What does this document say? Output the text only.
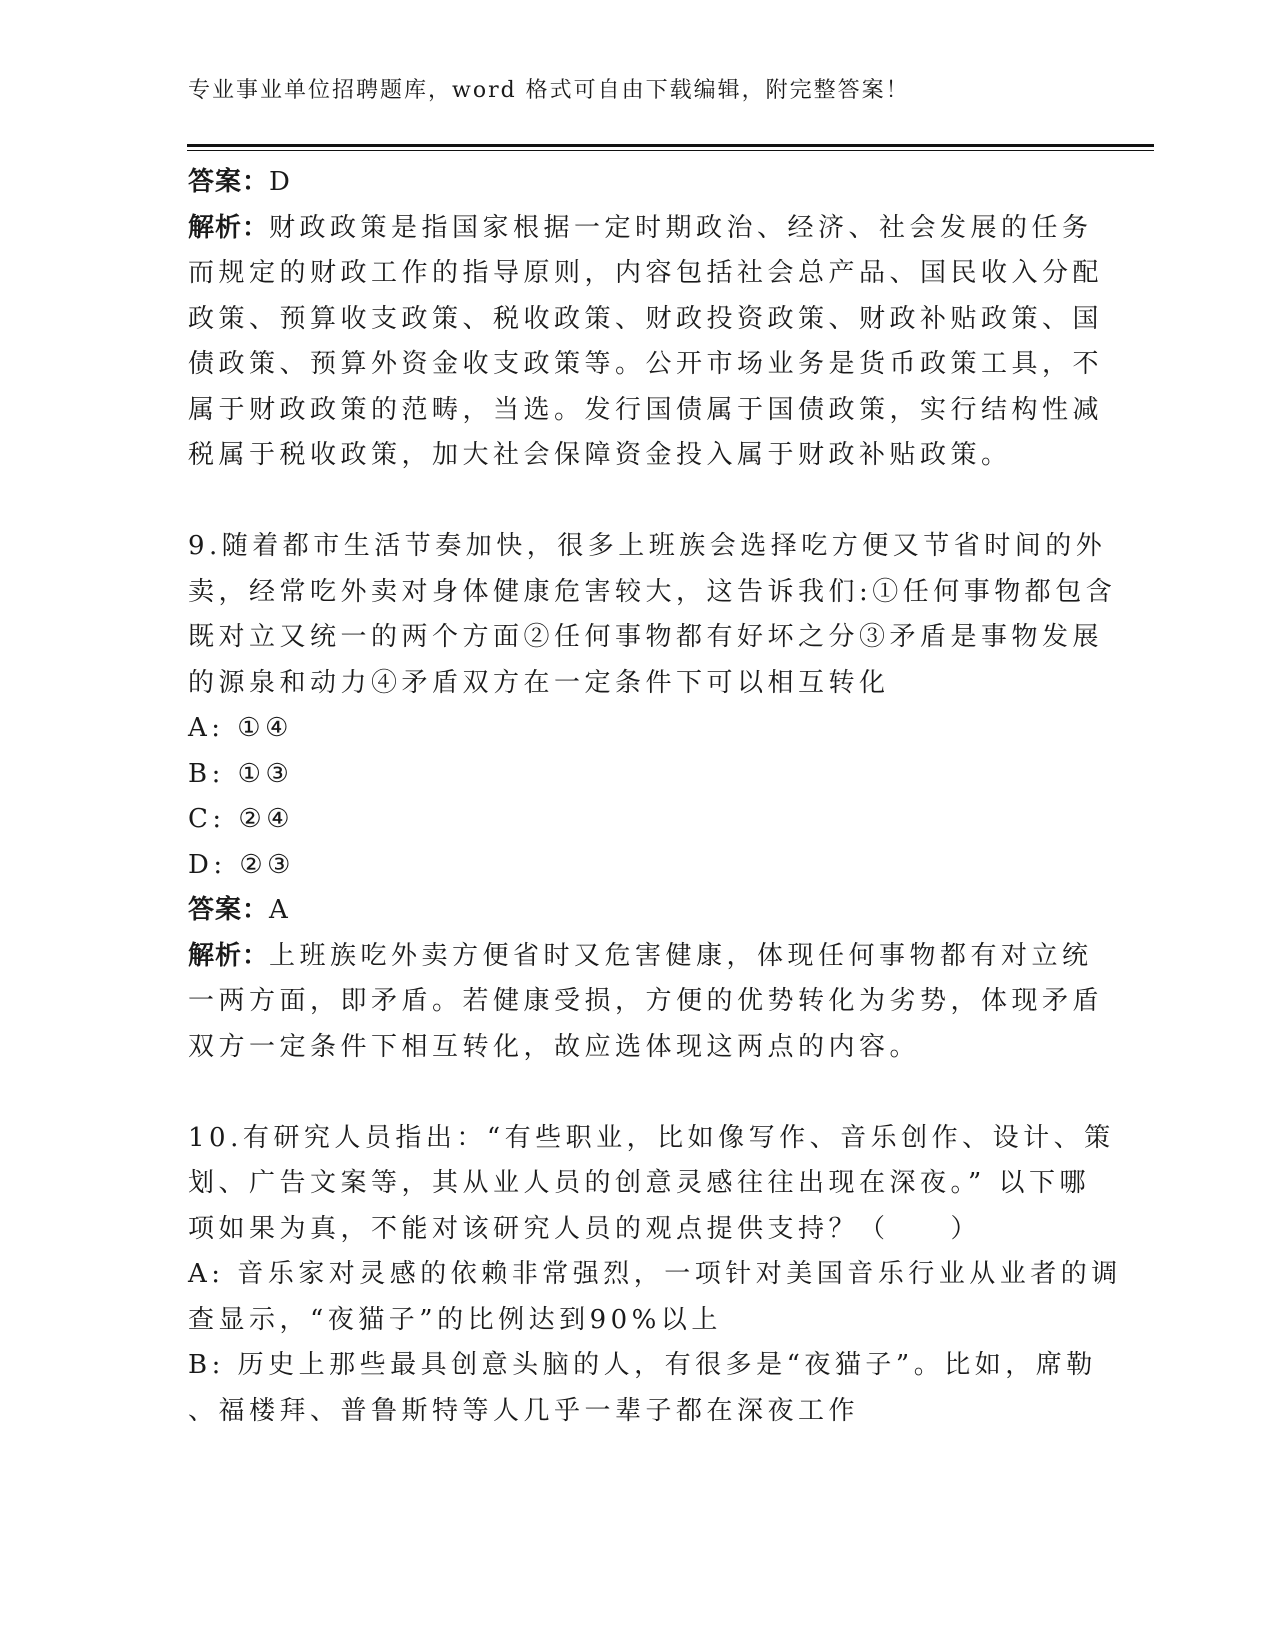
专业事业单位招聘题库，word 格式可自由下载编辑，附完整答案！
答案：D
解析：财政政策是指国家根据一定时期政治、经济、社会发展的任务
而规定的财政工作的指导原则，内容包括社会总产品、国民收入分配
政策、预算收支政策、税收政策、财政投资政策、财政补贴政策、国
债政策、预算外资金收支政策等。公开市场业务是货币政策工具，不
属于财政政策的范畴，当选。发行国债属于国债政策，实行结构性减
税属于税收政策，加大社会保障资金投入属于财政补贴政策。
9.随着都市生活节奏加快，很多上班族会选择吃方便又节省时间的外
卖，经常吃外卖对身体健康危害较大，这告诉我们:①任何事物都包含
既对立又统一的两个方面②任何事物都有好坏之分③矛盾是事物发展
的源泉和动力④矛盾双方在一定条件下可以相互转化
A: ①④
B: ①③
C: ②④
D: ②③
答案：A
解析：上班族吃外卖方便省时又危害健康，体现任何事物都有对立统
一两方面，即矛盾。若健康受损，方便的优势转化为劣势，体现矛盾
双方一定条件下相互转化，故应选体现这两点的内容。
10.有研究人员指出：“有些职业，比如像写作、音乐创作、设计、策
划、广告文案等，其从业人员的创意灵感往往出现在深夜。” 以下哪
项如果为真，不能对该研究人员的观点提供支持？（　　）
A: 音乐家对灵感的依赖非常强烈，一项针对美国音乐行业从业者的调
查显示，“夜猫子”的比例达到90%以上
B: 历史上那些最具创意头脑的人，有很多是“夜猫子”。比如，席勒
、福楼拜、普鲁斯特等人几乎一辈子都在深夜工作
